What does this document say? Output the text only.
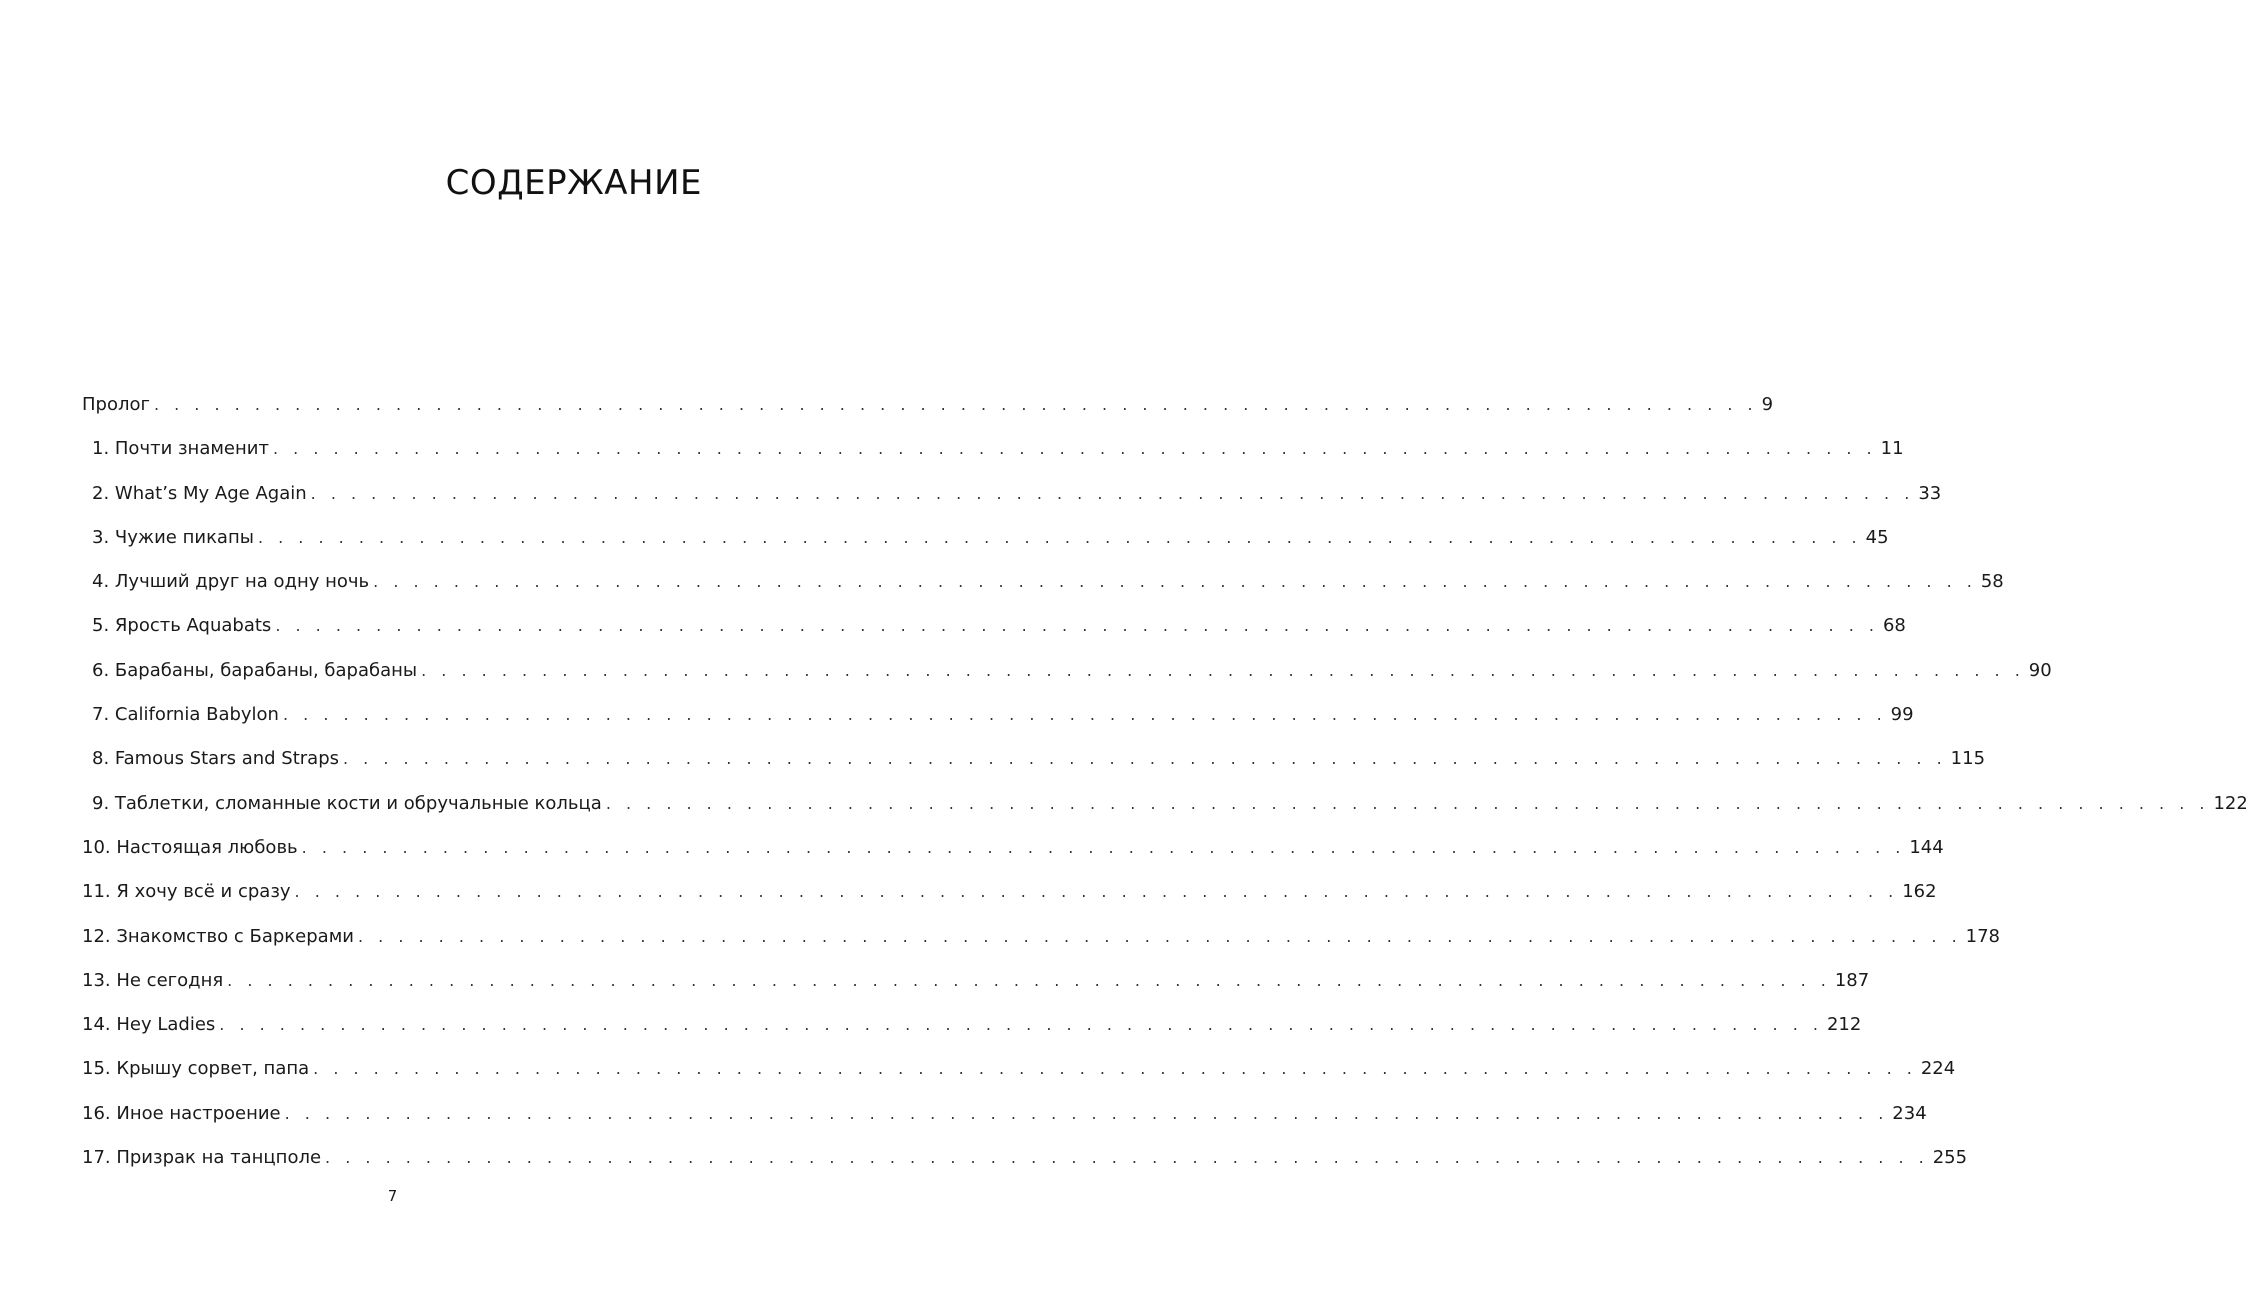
СОДЕРЖАНИЕ
Пролог . . . . . . . . . . . . . . . . . . . . . . . . . . . . . . . . . . . . . . . . . . . . . . . . . . . . . . . . . . . . . . . . . . . . . . . . . . . . . . . . 9
1. Почти знаменит . . . . . . . . . . . . . . . . . . . . . . . . . . . . . . . . . . . . . . . . . . . . . . . . . . . . . . . . . . . . . . . . . . . . . . . . . . . . . . . . 11
2. What’s My Age Again . . . . . . . . . . . . . . . . . . . . . . . . . . . . . . . . . . . . . . . . . . . . . . . . . . . . . . . . . . . . . . . . . . . . . . . . . . . . . . . . 33
3. Чужие пикапы . . . . . . . . . . . . . . . . . . . . . . . . . . . . . . . . . . . . . . . . . . . . . . . . . . . . . . . . . . . . . . . . . . . . . . . . . . . . . . . . 45
4. Лучший друг на одну ночь . . . . . . . . . . . . . . . . . . . . . . . . . . . . . . . . . . . . . . . . . . . . . . . . . . . . . . . . . . . . . . . . . . . . . . . . . . . . . . . . 58
5. Ярость Aquabats . . . . . . . . . . . . . . . . . . . . . . . . . . . . . . . . . . . . . . . . . . . . . . . . . . . . . . . . . . . . . . . . . . . . . . . . . . . . . . . . 68
6. Барабаны, барабаны, барабаны . . . . . . . . . . . . . . . . . . . . . . . . . . . . . . . . . . . . . . . . . . . . . . . . . . . . . . . . . . . . . . . . . . . . . . . . . . . . . . . . 90
7. California Babylon . . . . . . . . . . . . . . . . . . . . . . . . . . . . . . . . . . . . . . . . . . . . . . . . . . . . . . . . . . . . . . . . . . . . . . . . . . . . . . . . 99
8. Famous Stars and Straps . . . . . . . . . . . . . . . . . . . . . . . . . . . . . . . . . . . . . . . . . . . . . . . . . . . . . . . . . . . . . . . . . . . . . . . . . . . . . . . . 115
9. Таблетки, сломанные кости и обручальные кольца . . . . . . . . . . . . . . . . . . . . . . . . . . . . . . . . . . . . . . . . . . . . . . . . . . . . . . . . . . . . . . . . . . . . . . . . . . . . . . . . 122
10. Настоящая любовь . . . . . . . . . . . . . . . . . . . . . . . . . . . . . . . . . . . . . . . . . . . . . . . . . . . . . . . . . . . . . . . . . . . . . . . . . . . . . . . . 144
11. Я хочу всё и сразу . . . . . . . . . . . . . . . . . . . . . . . . . . . . . . . . . . . . . . . . . . . . . . . . . . . . . . . . . . . . . . . . . . . . . . . . . . . . . . . . 162
12. Знакомство с Баркерами . . . . . . . . . . . . . . . . . . . . . . . . . . . . . . . . . . . . . . . . . . . . . . . . . . . . . . . . . . . . . . . . . . . . . . . . . . . . . . . . 178
13. Не сегодня . . . . . . . . . . . . . . . . . . . . . . . . . . . . . . . . . . . . . . . . . . . . . . . . . . . . . . . . . . . . . . . . . . . . . . . . . . . . . . . . 187
14. Hey Ladies . . . . . . . . . . . . . . . . . . . . . . . . . . . . . . . . . . . . . . . . . . . . . . . . . . . . . . . . . . . . . . . . . . . . . . . . . . . . . . . . 212
15. Крышу сорвет, папа . . . . . . . . . . . . . . . . . . . . . . . . . . . . . . . . . . . . . . . . . . . . . . . . . . . . . . . . . . . . . . . . . . . . . . . . . . . . . . . . 224
16. Иное настроение . . . . . . . . . . . . . . . . . . . . . . . . . . . . . . . . . . . . . . . . . . . . . . . . . . . . . . . . . . . . . . . . . . . . . . . . . . . . . . . . 234
17. Призрак на танцполе . . . . . . . . . . . . . . . . . . . . . . . . . . . . . . . . . . . . . . . . . . . . . . . . . . . . . . . . . . . . . . . . . . . . . . . . . . . . . . . . 255
7
